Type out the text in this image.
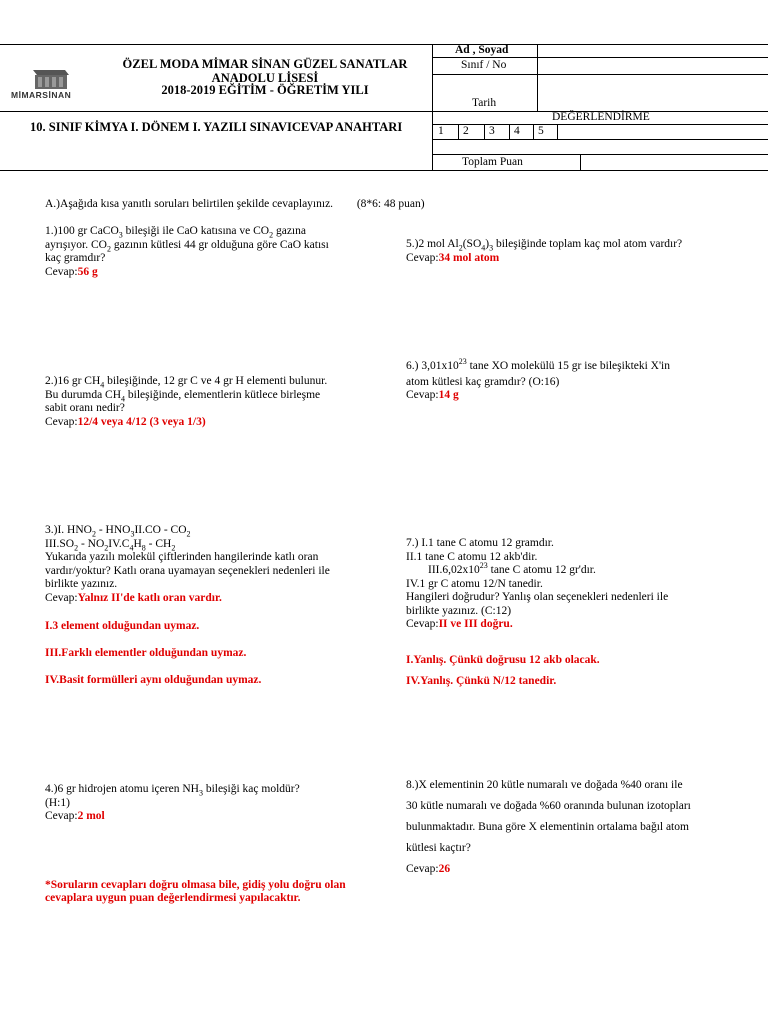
MİMARSİNAN
ÖZEL MODA MİMAR SİNAN GÜZEL SANATLAR
ANADOLU LİSESİ
2018-2019 EĞİTİM - ÖĞRETİM YILI
10. SINIF KİMYA I. DÖNEM I. YAZILI SINAVICEVAP ANAHTARI
Ad , Soyad
Sınıf / No
Tarih
DEĞERLENDİRME
1 2 3 4 5
Toplam Puan
A.)Aşağıda kısa yanıtlı soruları belirtilen şekilde cevaplayınız. (8*6: 48 puan)
1.)100 gr CaCO$_3$ bileşiği ile CaO katısına ve $CO_2$ gazına
ayrışıyor. $CO_2$ gazının kütlesi 44 gr olduğuna göre CaO katısı
kaç gramdır?
Cevap:56 g
2.)16 gr $CH_4$ bileşiğinde, 12 gr C ve 4 gr H elementi bulunur.
Bu durumda $CH_4$ bileşiğinde, elementlerin kütlece birleşme
sabit oranı nedir?
Cevap:12/4 veya 4/12 (3 veya 1/3)
3.)I. $HNO_2 - HNO_3II.CO - CO_2$
$III.SO_2 - NO_2IV.C_4H_8 - CH_2$
Yukarıda yazılı molekül çiftlerinden hangilerinde katlı oran
vardır/yoktur? Katlı orana uyamayan seçenekleri nedenleri ile
birlikte yazınız.
Cevap:Yalnız II'de katlı oran vardır.
I.3 element olduğundan uymaz.
III.Farklı elementler olduğundan uymaz.
IV.Basit formülleri aynı olduğundan uymaz.
4.)6 gr hidrojen atomu içeren $NH_3$ bileşiği kaç moldür?
(H:1)
Cevap:2 mol
*Soruların cevapları doğru olmasa bile, gidiş yolu doğru olan
cevaplara uygun puan değerlendirmesi yapılacaktır.
5.)2 mol $Al_2(SO_4)_3$ bileşiğinde toplam kaç mol atom vardır?
Cevap:34 mol atom
6.) $3,01x10^{23}$ tane XO molekülü 15 gr ise bileşikteki X'in
atom kütlesi kaç gramdır? (O:16)
Cevap:14 g
7.) I.1 tane C atomu 12 gramdır.
II.1 tane C atomu 12 akb'dir.
$III.6,02x10^{23}$ tane C atomu 12 gr'dır.
IV.1 gr C atomu 12/N tanedir.
Hangileri doğrudur? Yanlış olan seçenekleri nedenleri ile
birlikte yazınız. (C:12)
Cevap:II ve III doğru.
I.Yanlış. Çünkü doğrusu 12 akb olacak.
IV.Yanlış. Çünkü N/12 tanedir.
8.)X elementinin 20 kütle numaralı ve doğada %40 oranı ile
30 kütle numaralı ve doğada %60 oranında bulunan izotopları
bulunmaktadır. Buna göre X elementinin ortalama bağıl atom
kütlesi kaçtır?
Cevap:26
